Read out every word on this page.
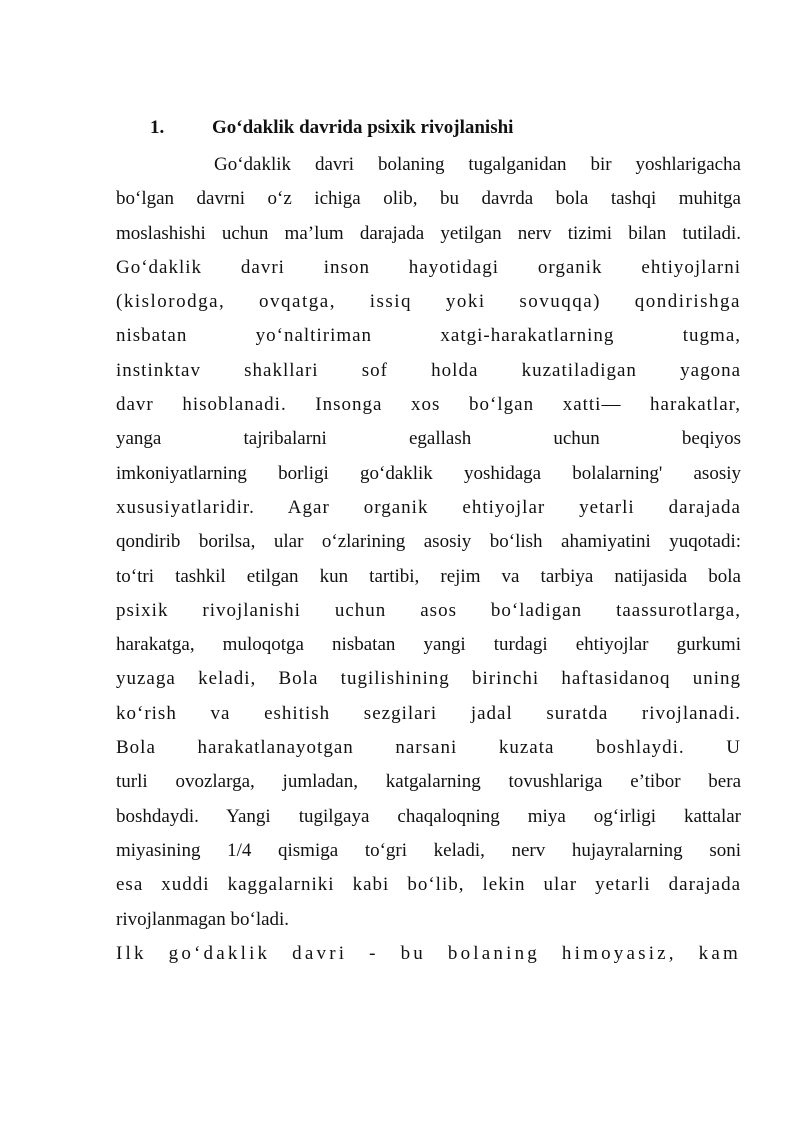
1.	Go‘daklik davrida psixik rivojlanishi
Go‘daklik davri bolaning tugalganidan bir yoshlarigacha
bo‘lgan davrni o‘z ichiga olib, bu davrda bola tashqi muhitga
moslashishi uchun ma’lum darajada yetilgan nerv tizimi bilan tutiladi.
Go‘daklik davri inson hayotidagi organik ehtiyojlarni
(kislorodga, ovqatga, issiq yoki sovuqqa) qondirishga
nisbatan yo‘naltiriman xatgi-harakatlarning tugma,
instinktav shakllari sof holda kuzatiladigan yagona
davr hisoblanadi. Insonga xos bo‘lgan xatti— harakatlar,
yanga tajribalarni egallash uchun beqiyos
imkoniyatlarning borligi go‘daklik yoshidaga bolalarning' asosiy
xususiyatlaridir. Agar organik ehtiyojlar yetarli darajada
qondirib borilsa, ular o‘zlarining asosiy bo‘lish ahamiyatini yuqotadi:
to‘tri tashkil etilgan kun tartibi, rejim va tarbiya natijasida bola
psixik rivojlanishi uchun asos bo‘ladigan taassurotlarga,
harakatga, muloqotga nisbatan yangi turdagi ehtiyojlar gurkumi
yuzaga keladi, Bola tugilishining birinchi haftasidanoq uning
ko‘rish va eshitish sezgilari jadal suratda rivojlanadi.
Bola harakatlanayotgan narsani kuzata boshlaydi. U
turli ovozlarga, jumladan, katgalarning tovushlariga e’tibor bera
boshdaydi. Yangi tugilgaya chaqaloqning miya og‘irligi kattalar
miyasining 1/4 qismiga to‘gri keladi, nerv hujayralarning soni
esa xuddi kaggalarniki kabi bo‘lib, lekin ular yetarli darajada
rivojlanmagan bo‘ladi.
Ilk go‘daklik davri - bu bolaning himoyasiz, kam
